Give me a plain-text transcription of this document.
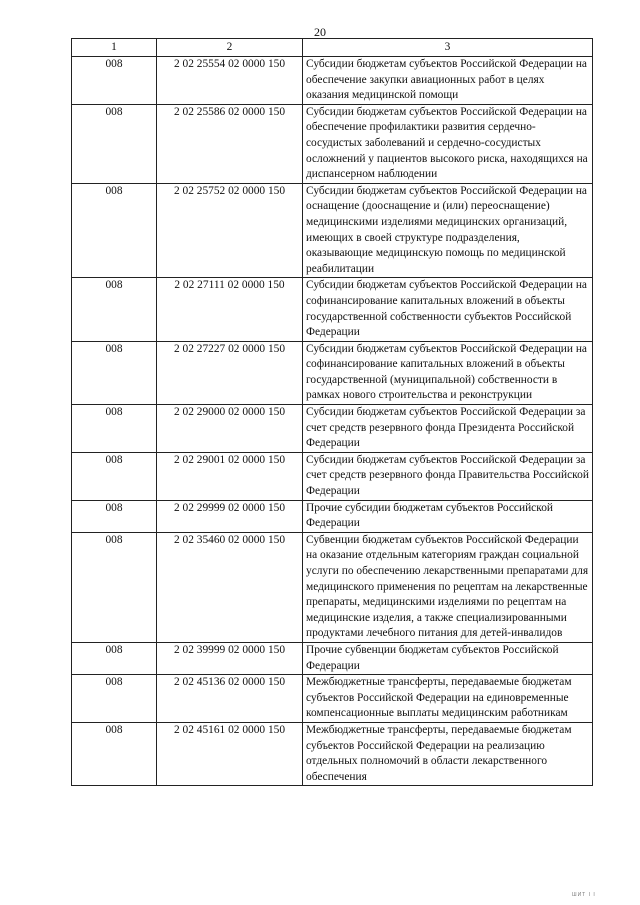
20
1	2	3
008	2 02 25554 02 0000 150	Субсидии бюджетам субъектов Российской Федерации на обеспечение закупки авиационных работ в целях оказания медицинской помощи
008	2 02 25586 02 0000 150	Субсидии бюджетам субъектов Российской Федерации на обеспечение профилактики развития сердечно-сосудистых заболеваний и сердечно-сосудистых осложнений у пациентов высокого риска, находящихся на диспансерном наблюдении
008	2 02 25752 02 0000 150	Субсидии бюджетам субъектов Российской Федерации на оснащение (дооснащение и (или) переоснащение) медицинскими изделиями медицинских организаций, имеющих в своей структуре подразделения, оказывающие медицинскую помощь по медицинской реабилитации
008	2 02 27111 02 0000 150	Субсидии бюджетам субъектов Российской Федерации на софинансирование капитальных вложений в объекты государственной собственности субъектов Российской Федерации
008	2 02 27227 02 0000 150	Субсидии бюджетам субъектов Российской Федерации на софинансирование капитальных вложений в объекты государственной (муниципальной) собственности в рамках нового строительства и реконструкции
008	2 02 29000 02 0000 150	Субсидии бюджетам субъектов Российской Федерации за счет средств резервного фонда Президента Российской Федерации
008	2 02 29001 02 0000 150	Субсидии бюджетам субъектов Российской Федерации за счет средств резервного фонда Правительства Российской Федерации
008	2 02 29999 02 0000 150	Прочие субсидии бюджетам субъектов Российской Федерации
008	2 02 35460 02 0000 150	Субвенции бюджетам субъектов Российской Федерации на оказание отдельным категориям граждан социальной услуги по обеспечению лекарственными препаратами для медицинского применения по рецептам на лекарственные препараты, медицинскими изделиями по рецептам на медицинские изделия, а также специализированными продуктами лечебного питания для детей-инвалидов
008	2 02 39999 02 0000 150	Прочие субвенции бюджетам субъектов Российской Федерации
008	2 02 45136 02 0000 150	Межбюджетные трансферты, передаваемые бюджетам субъектов Российской Федерации на единовременные компенсационные выплаты медицинским работникам
008	2 02 45161 02 0000 150	Межбюджетные трансферты, передаваемые бюджетам субъектов Российской Федерации на реализацию отдельных полномочий в области лекарственного обеспечения
ШИТ I I
